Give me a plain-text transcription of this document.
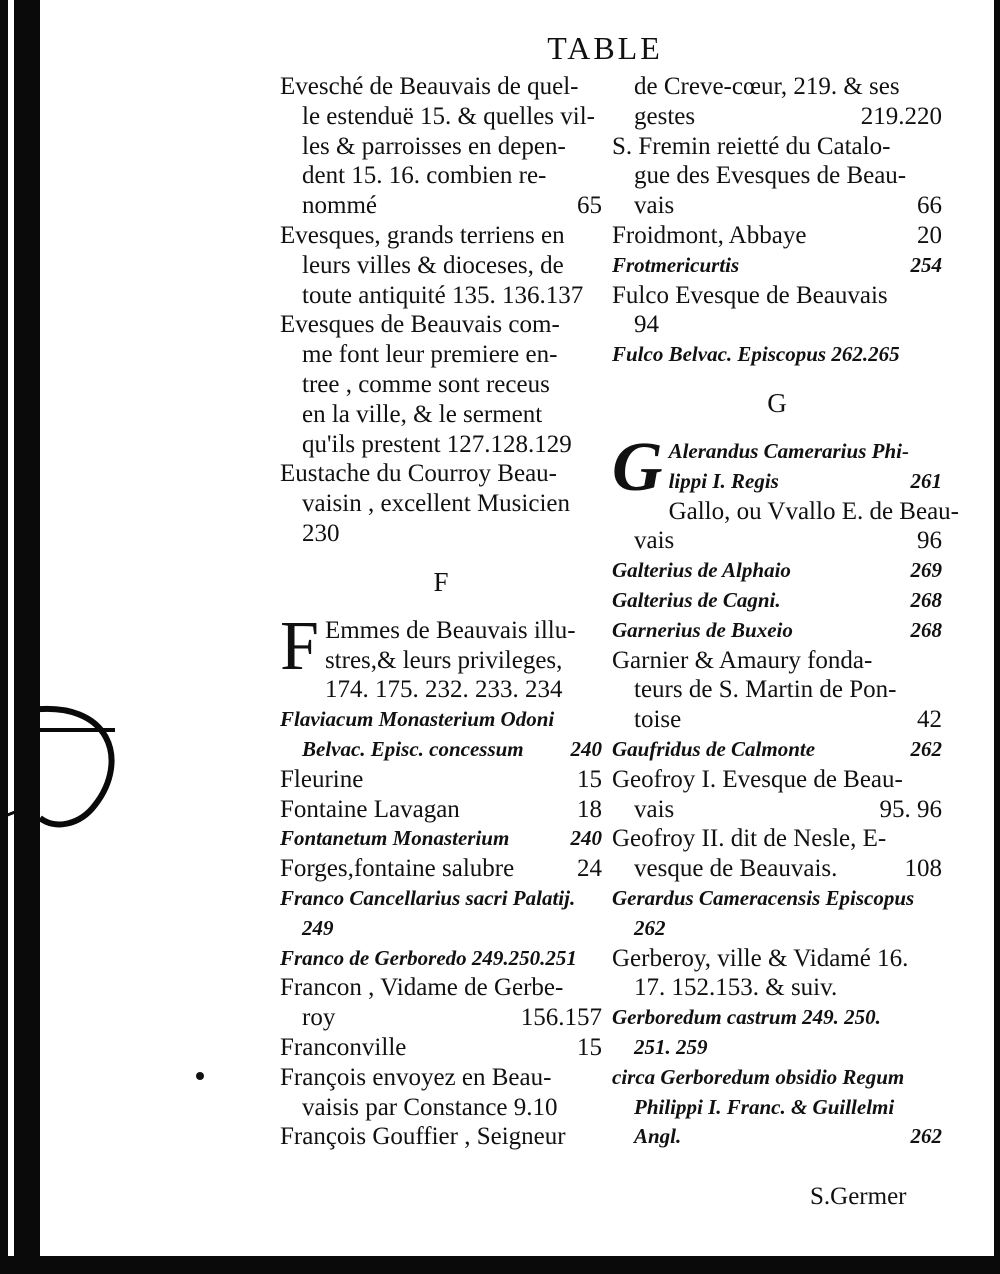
TABLE
Evesché de Beauvais de quel-
le estenduë 15. & quelles vil-
les & parroisses en depen-
dent 15. 16. combien re-
nommé	65
Evesques, grands terriens en
leurs villes & dioceses, de
toute antiquité 135. 136.137
Evesques de Beauvais com-
me font leur premiere en-
tree , comme sont receus
en la ville, & le serment
qu'ils prestent 127.128.129
Eustache du Courroy Beau-
vaisin , excellent Musicien
230
F
F Emmes de Beauvais illu-
stres,& leurs privileges,
174. 175. 232. 233. 234
Flaviacum Monasterium Odoni
Belvac. Episc. concessum 240
Fleurine	15
Fontaine Lavagan	18
Fontanetum Monasterium	240
Forges,fontaine salubre	24
Franco Cancellarius sacri Palatij.
249
Franco de Gerboredo 249.250.251
Francon , Vidame de Gerbe-
roy	156.157
Franconville	15
François envoyez en Beau-
vaisis par Constance 9.10
François Gouffier , Seigneur
de Creve-cœur, 219. & ses
gestes	219.220
S. Fremin reietté du Catalo-
gue des Evesques de Beau-
vais	66
Froidmont, Abbaye	20
Frotmericurtis	254
Fulco Evesque de Beauvais
94
Fulco Belvac. Episcopus 262.265
G
G Alerandus Camerarius Phi-
lippi I. Regis	261
Gallo, ou Vvallo E. de Beau-
vais	96
Galterius de Alphaio	269
Galterius de Cagni.	268
Garnerius de Buxeio	268
Garnier & Amaury fonda-
teurs de S. Martin de Pon-
toise	42
Gaufridus de Calmonte	262
Geofroy I. Evesque de Beau-
vais	95. 96
Geofroy II. dit de Nesle, E-
vesque de Beauvais.	108
Gerardus Cameracensis Episcopus
262
Gerberoy, ville & Vidamé 16.
17. 152.153. & suiv.
Gerboredum castrum 249. 250.
251. 259
circa Gerboredum obsidio Regum
Philippi I. Franc. & Guillelmi
Angl.	262
S.Germer
